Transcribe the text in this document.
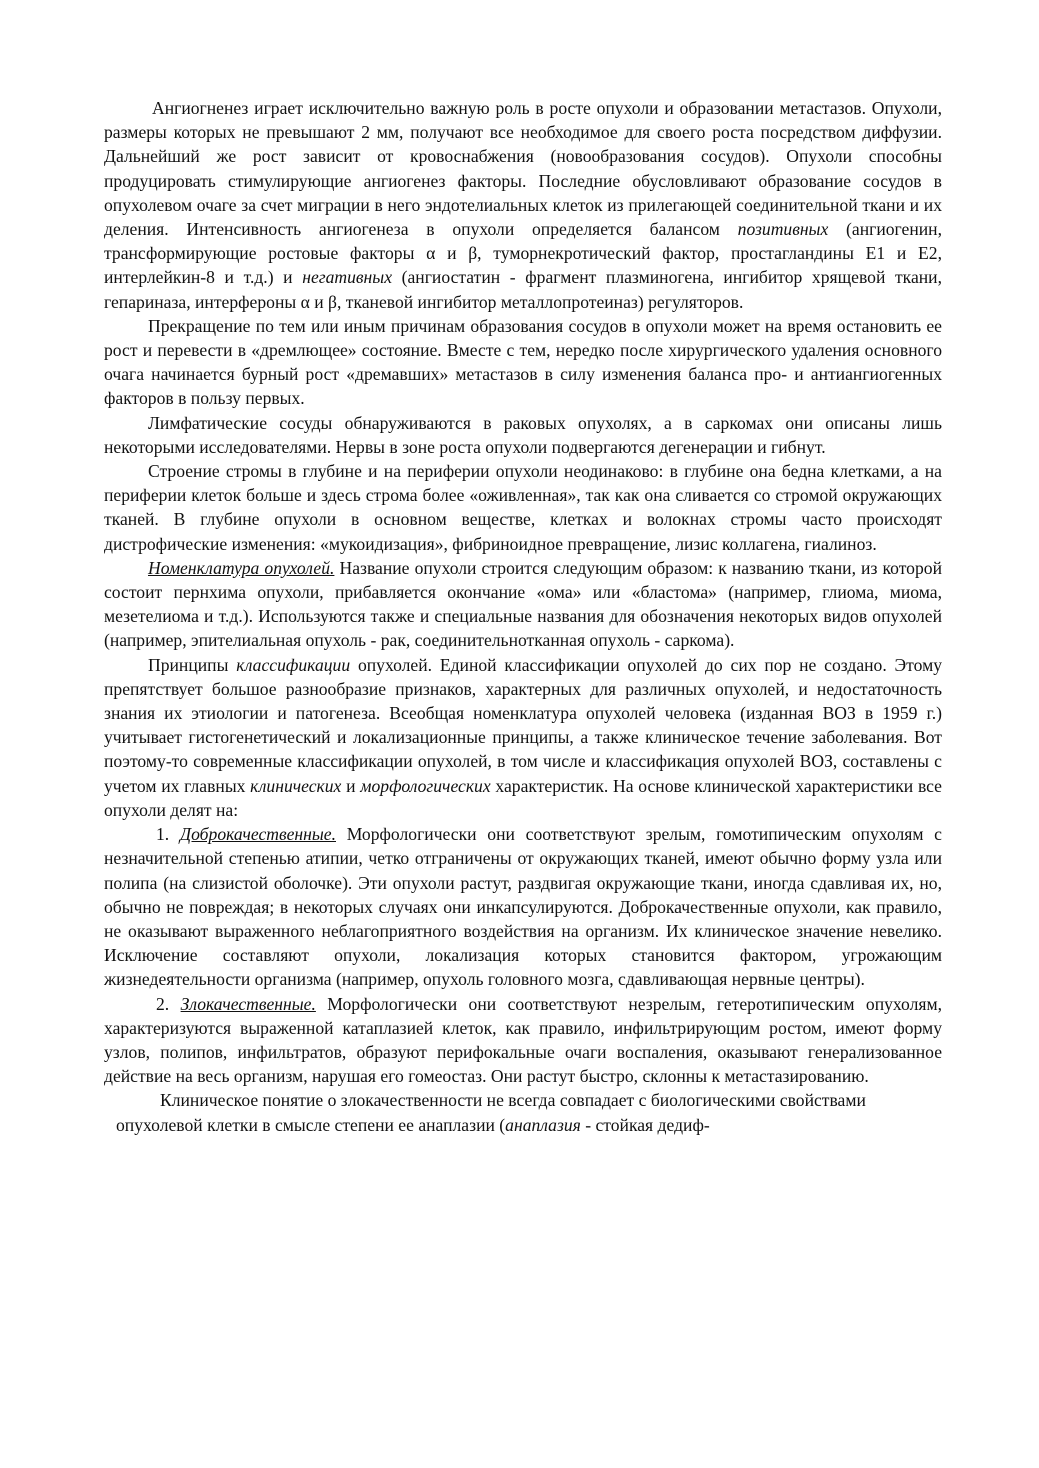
Ангиогненез играет исключительно важную роль в росте опухоли и образовании метастазов. Опухоли, размеры которых не превышают 2 мм, получают все необходимое для своего роста посредством диффузии. Дальнейший же рост зависит от кровоснабжения (новообразования сосудов). Опухоли способны продуцировать стимулирующие ангиогенез факторы. Последние обусловливают образование сосудов в опухолевом очаге за счет миграции в него эндотелиальных клеток из прилегающей соединительной ткани и их деления. Интенсивность ангиогенеза в опухоли определяется балансом позитивных (ангиогенин, трансформирующие ростовые факторы α и β, туморнекротический фактор, простагландины Е1 и Е2, интерлейкин-8 и т.д.) и негативных (ангиостатин - фрагмент плазминогена, ингибитор хрящевой ткани, гепариназа, интерфероны α и β, тканевой ингибитор металлопротеиназ) регуляторов.

Прекращение по тем или иным причинам образования сосудов в опухоли может на время остановить ее рост и перевести в «дремлющее» состояние. Вместе с тем, нередко после хирургического удаления основного очага начинается бурный рост «дремавших» метастазов в силу изменения баланса про- и антиангиогенных факторов в пользу первых.

Лимфатические сосуды обнаруживаются в раковых опухолях, а в саркомах они описаны лишь некоторыми исследователями. Нервы в зоне роста опухоли подвергаются дегенерации и гибнут.

Строение стромы в глубине и на периферии опухоли неодинаково: в глубине она бедна клетками, а на периферии клеток больше и здесь строма более «оживленная», так как она сливается со стромой окружающих тканей. В глубине опухоли в основном веществе, клетках и волокнах стромы часто происходят дистрофические изменения: «мукоидизация», фибриноидное превращение, лизис коллагена, гиалиноз.

Номенклатура опухолей. Название опухоли строится следующим образом: к названию ткани, из которой состоит пернхима опухоли, прибавляется окончание «ома» или «бластома» (например, глиома, миома, мезетелиома и т.д.). Используются также и специальные названия для обозначения некоторых видов опухолей (например, эпителиальная опухоль - рак, соединительнотканная опухоль - саркома).

Принципы классификации опухолей. Единой классификации опухолей до сих пор не создано. Этому препятствует большое разнообразие признаков, характерных для различных опухолей, и недостаточность знания их этиологии и патогенеза. Всеобщая номенклатура опухолей человека (изданная ВОЗ в 1959 г.) учитывает гистогенетический и локализационные принципы, а также клиническое течение заболевания. Вот поэтому-то современные классификации опухолей, в том числе и классификация опухолей ВОЗ, составлены с учетом их главных клинических и морфологических характеристик. На основе клинической характеристики все опухоли делят на:

1. Доброкачественные. Морфологически они соответствуют зрелым, гомотипическим опухолям с незначительной степенью атипии, четко отграничены от окружающих тканей, имеют обычно форму узла или полипа (на слизистой оболочке). Эти опухоли растут, раздвигая окружающие ткани, иногда сдавливая их, но, обычно не повреждая; в некоторых случаях они инкапсулируются. Доброкачественные опухоли, как правило, не оказывают выраженного неблагоприятного воздействия на организм. Их клиническое значение невелико. Исключение составляют опухоли, локализация которых становится фактором, угрожающим жизнедеятельности организма (например, опухоль головного мозга, сдавливающая нервные центры).

2. Злокачественные. Морфологически они соответствуют незрелым, гетеротипическим опухолям, характеризуются выраженной катаплазией клеток, как правило, инфильтрирующим ростом, имеют форму узлов, полипов, инфильтратов, образуют перифокальные очаги воспаления, оказывают генерализованное действие на весь организм, нарушая его гомеостаз. Они растут быстро, склонны к метастазированию.

Клиническое понятие о злокачественности не всегда совпадает с биологическими свойствами опухолевой клетки в смысле степени ее анаплазии (анаплазия - стойкая дедиф-
